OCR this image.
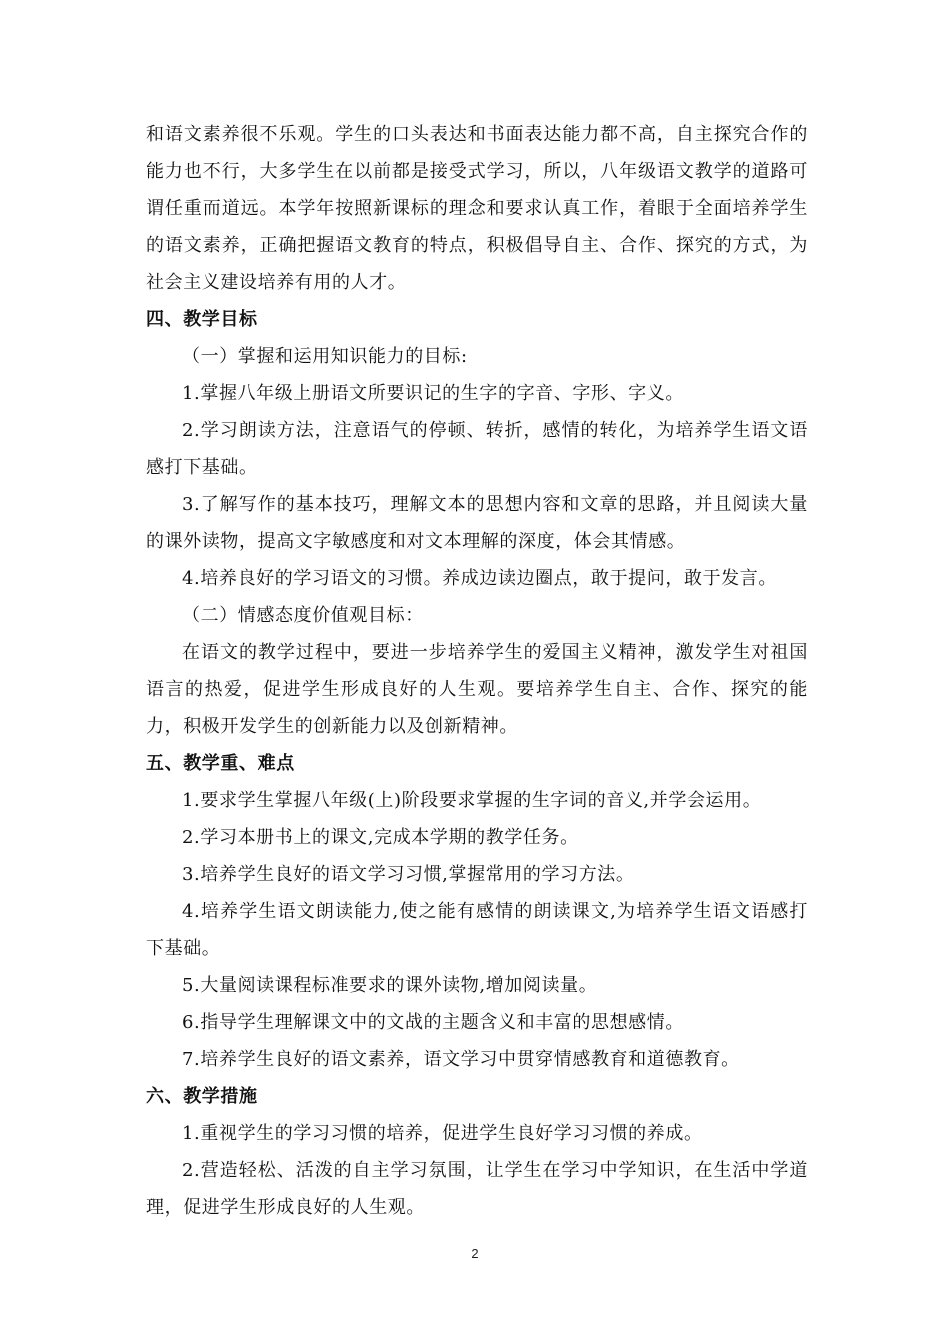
和语文素养很不乐观。学生的口头表达和书面表达能力都不高，自主探究合作的能力也不行，大多学生在以前都是接受式学习，所以，八年级语文教学的道路可谓任重而道远。本学年按照新课标的理念和要求认真工作，着眼于全面培养学生的语文素养，正确把握语文教育的特点，积极倡导自主、合作、探究的方式，为社会主义建设培养有用的人才。

四、教学目标

（一）掌握和运用知识能力的目标:

1.掌握八年级上册语文所要识记的生字的字音、字形、字义。

2.学习朗读方法，注意语气的停顿、转折，感情的转化，为培养学生语文语感打下基础。

3.了解写作的基本技巧，理解文本的思想内容和文章的思路，并且阅读大量的课外读物，提高文字敏感度和对文本理解的深度，体会其情感。

4.培养良好的学习语文的习惯。养成边读边圈点，敢于提问，敢于发言。

（二）情感态度价值观目标：

在语文的教学过程中，要进一步培养学生的爱国主义精神，激发学生对祖国语言的热爱，促进学生形成良好的人生观。要培养学生自主、合作、探究的能力，积极开发学生的创新能力以及创新精神。

五、教学重、难点

1.要求学生掌握八年级(上)阶段要求掌握的生字词的音义,并学会运用。

2.学习本册书上的课文,完成本学期的教学任务。

3.培养学生良好的语文学习习惯,掌握常用的学习方法。

4.培养学生语文朗读能力,使之能有感情的朗读课文,为培养学生语文语感打下基础。

5.大量阅读课程标准要求的课外读物,增加阅读量。

6.指导学生理解课文中的文战的主题含义和丰富的思想感情。

7.培养学生良好的语文素养，语文学习中贯穿情感教育和道德教育。

六、教学措施

1.重视学生的学习习惯的培养，促进学生良好学习习惯的养成。

2.营造轻松、活泼的自主学习氛围，让学生在学习中学知识，在生活中学道理，促进学生形成良好的人生观。

2
